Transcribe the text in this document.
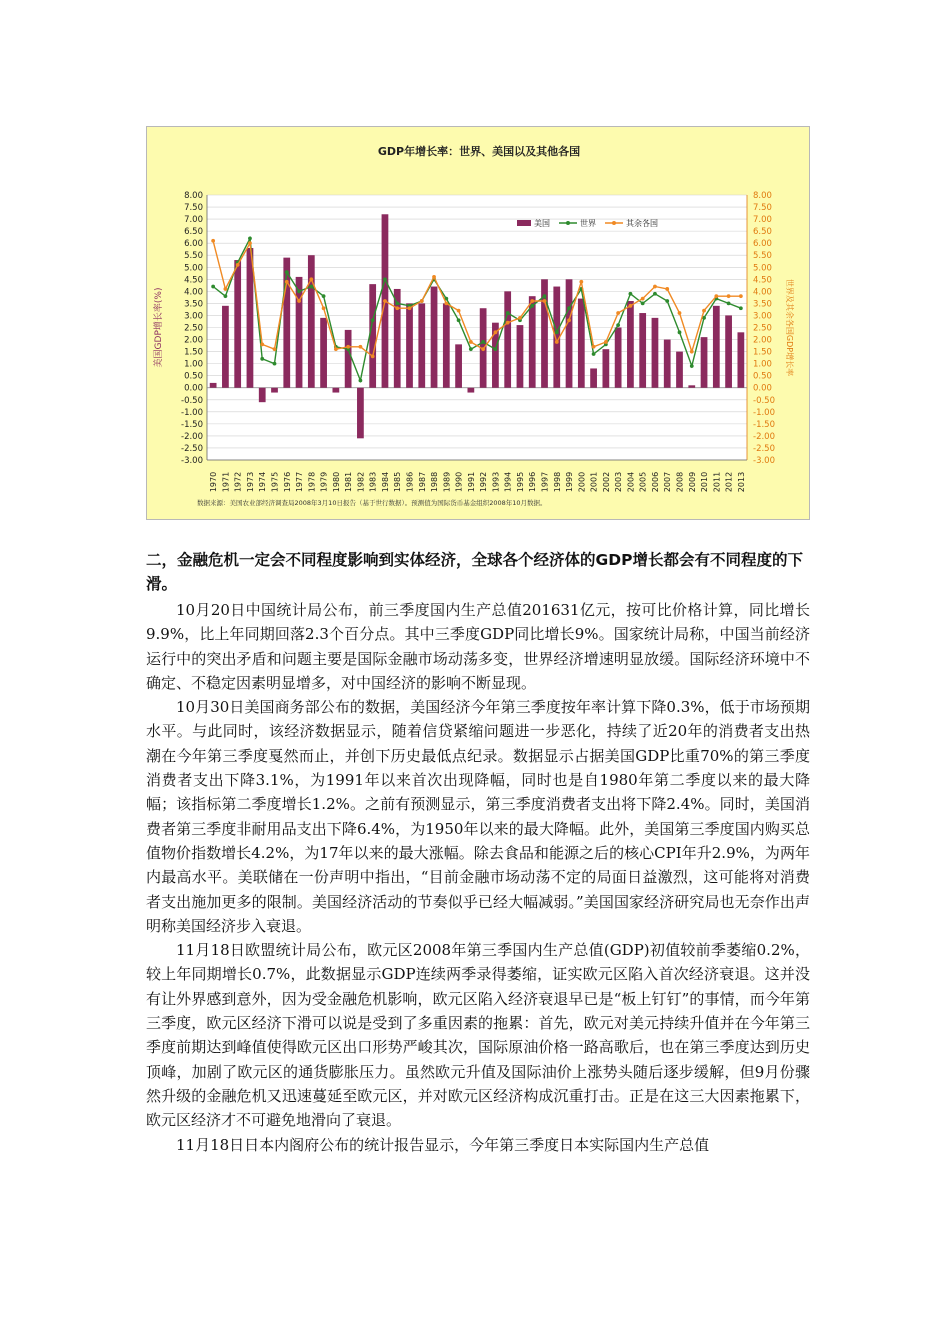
GDP年增长率：世界、美国以及其他各国
8.00	8.00
7.50	7.50
7.00	7.00
6.50	6.50
6.00	6.00
5.50	5.50
5.00	5.00
4.50	4.50
4.00	4.00
3.50	3.50
3.00	3.00
2.50	2.50
2.00	2.00
1.50	1.50
1.00	1.00
0.50	0.50
0.00	0.00
-0.50	-0.50
-1.00	-1.00
-1.50	-1.50
-2.00	-2.00
-2.50	-2.50
-3.00	-3.00
美国GDP增长率(%)	世界及其余各国GDP增长率
1970 1971 1972 1973 1974 1975 1976 1977 1978 1979 1980 1981 1982 1983 1984 1985 1986 1987 1988 1989 1990 1991 1992 1993 1994 1995 1996 1997 1998 1999 2000 2001 2002 2003 2004 2005 2006 2007 2008 2009 2010 2011 2012 2013
美国	世界	其余各国
数据来源：美国农业部经济调查局2008年3月10日报告（基于世行数据）。预测值为国际货币基金组织2008年10月数据。

二，金融危机一定会不同程度影响到实体经济，全球各个经济体的GDP增长都会有不同程度的下滑。

10月20日中国统计局公布，前三季度国内生产总值201631亿元，按可比价格计算，同比增长9.9%，比上年同期回落2.3个百分点。其中三季度GDP同比增长9%。国家统计局称，中国当前经济运行中的突出矛盾和问题主要是国际金融市场动荡多变，世界经济增速明显放缓。国际经济环境中不确定、不稳定因素明显增多，对中国经济的影响不断显现。

10月30日美国商务部公布的数据，美国经济今年第三季度按年率计算下降0.3%，低于市场预期水平。与此同时，该经济数据显示，随着信贷紧缩问题进一步恶化，持续了近20年的消费者支出热潮在今年第三季度戛然而止，并创下历史最低点纪录。数据显示占据美国GDP比重70%的第三季度消费者支出下降3.1%，为1991年以来首次出现降幅，同时也是自1980年第二季度以来的最大降幅；该指标第二季度增长1.2%。之前有预测显示，第三季度消费者支出将下降2.4%。同时，美国消费者第三季度非耐用品支出下降6.4%，为1950年以来的最大降幅。此外，美国第三季度国内购买总值物价指数增长4.2%，为17年以来的最大涨幅。除去食品和能源之后的核心CPI年升2.9%，为两年内最高水平。美联储在一份声明中指出，“目前金融市场动荡不定的局面日益激烈，这可能将对消费者支出施加更多的限制。美国经济活动的节奏似乎已经大幅减弱。”美国国家经济研究局也无奈作出声明称美国经济步入衰退。

11月18日欧盟统计局公布，欧元区2008年第三季国内生产总值(GDP)初值较前季萎缩0.2%，较上年同期增长0.7%，此数据显示GDP连续两季录得萎缩，证实欧元区陷入首次经济衰退。这并没有让外界感到意外，因为受金融危机影响，欧元区陷入经济衰退早已是“板上钉钉”的事情，而今年第三季度，欧元区经济下滑可以说是受到了多重因素的拖累：首先，欧元对美元持续升值并在今年第三季度前期达到峰值使得欧元区出口形势严峻其次，国际原油价格一路高歌后，也在第三季度达到历史顶峰，加剧了欧元区的通货膨胀压力。虽然欧元升值及国际油价上涨势头随后逐步缓解，但9月份骤然升级的金融危机又迅速蔓延至欧元区，并对欧元区经济构成沉重打击。正是在这三大因素拖累下，欧元区经济才不可避免地滑向了衰退。

11月18日日本内阁府公布的统计报告显示，今年第三季度日本实际国内生产总值
